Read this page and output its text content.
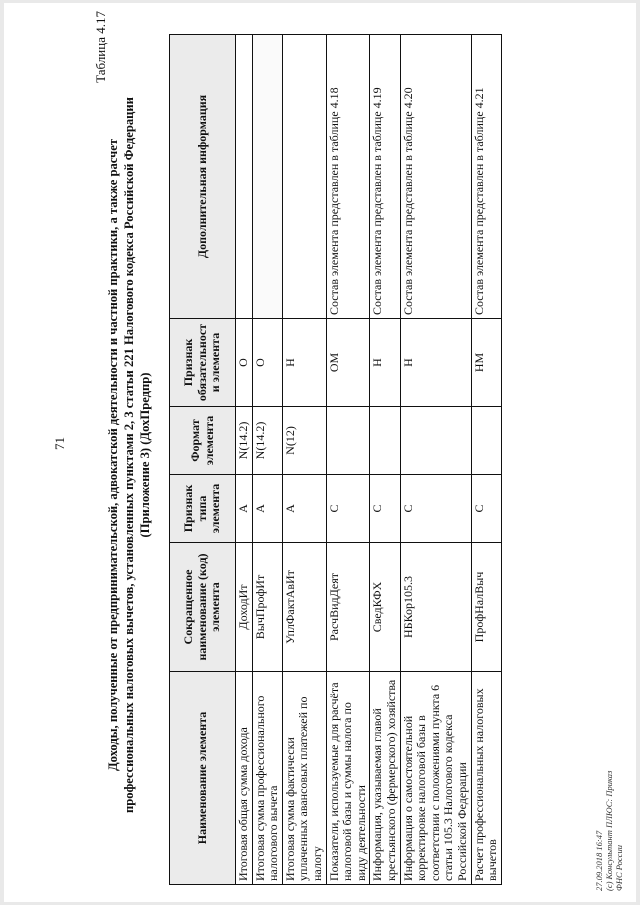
71
Таблица 4.17
Доходы, полученные от предпринимательской, адвокатской деятельности и частной практики, а также расчет профессиональных налоговых вычетов, установленных пунктами 2, 3 статьи 221 Налогового кодекса Российской Федерации (Приложение 3) (ДохПредпр)
Наименование элемента	Сокращенное наименование (код) элемента	Признак типа элемента	Формат элемента	Признак обязательности элемента	Дополнительная информация
Итоговая общая сумма дохода	ДоходИт	А	N(14.2)	О	
Итоговая сумма профессионального налогового вычета	ВычПрофИт	А	N(14.2)	О	
Итоговая сумма фактически уплаченных авансовых платежей по налогу	УплФактАвИт	А	N(12)	Н	
Показатели, используемые для расчёта налоговой базы и суммы налога по виду деятельности	РасчВидДеят	С		ОМ	Состав элемента представлен в таблице 4.18
Информация, указываемая главой крестьянского (фермерского) хозяйства	СведКФХ	С		Н	Состав элемента представлен в таблице 4.19
Информация о самостоятельной корректировке налоговой базы в соответствии с положениями пункта 6 статьи 105.3 Налогового кодекса Российской Федерации	НБКор105.3	С		Н	Состав элемента представлен в таблице 4.20
Расчет профессиональных налоговых вычетов	ПрофНалВыч	С		НМ	Состав элемента представлен в таблице 4.21
27.09.2018 16:47 (с) Консультант ПЛЮС: Приказ ФНС России
